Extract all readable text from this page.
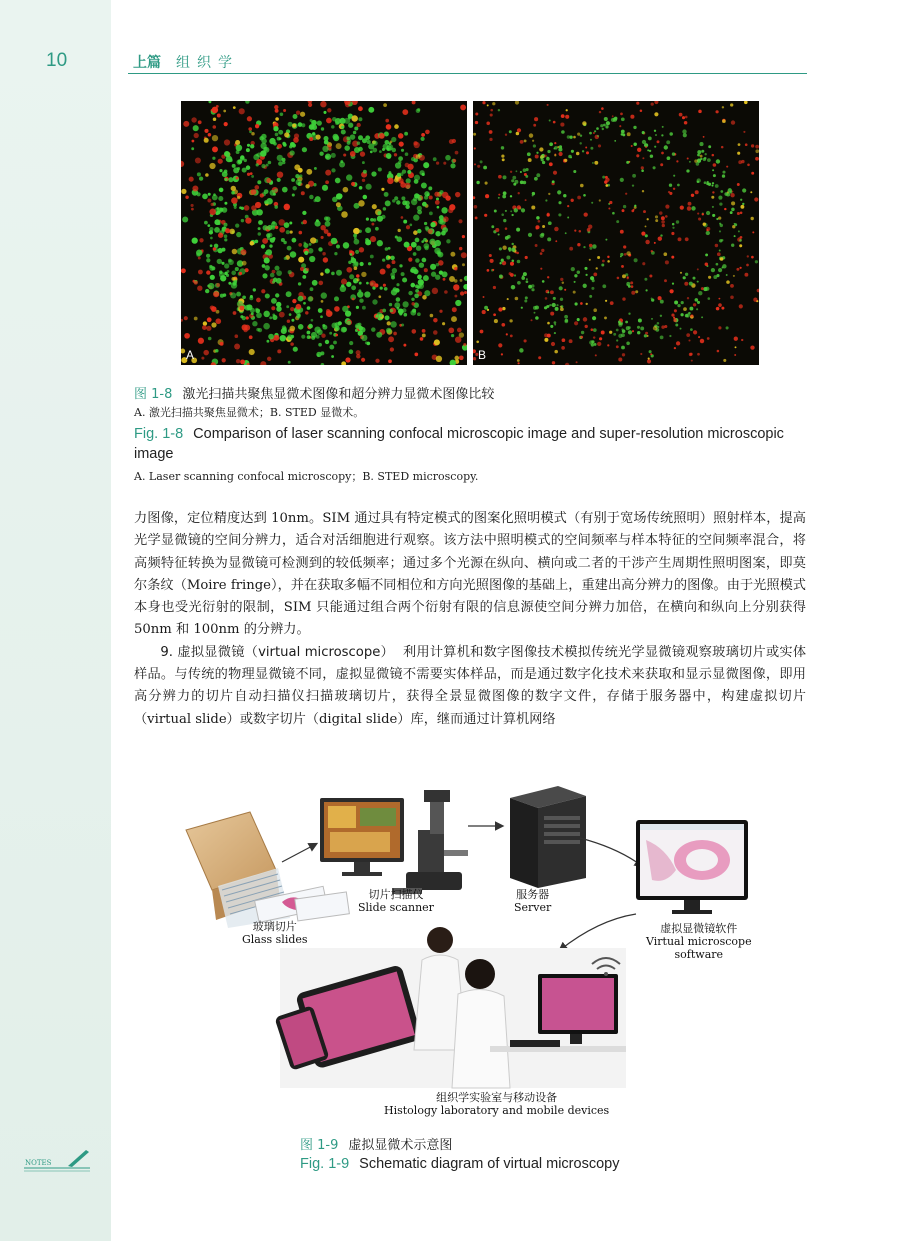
10	上篇 组织学
A	B
图 1-8 激光扫描共聚焦显微术图像和超分辨力显微术图像比较
A. 激光扫描共聚焦显微术；B. STED 显微术。
Fig. 1-8 Comparison of laser scanning confocal microscopic image and super-resolution microscopic image
A. Laser scanning confocal microscopy；B. STED microscopy.

力图像，定位精度达到 10nm。SIM 通过具有特定模式的图案化照明模式（有别于宽场传统照明）照射样本，提高光学显微镜的空间分辨力，适合对活细胞进行观察。该方法中照明模式的空间频率与样本特征的空间频率混合，将高频特征转换为显微镜可检测到的较低频率；通过多个光源在纵向、横向或二者的干涉产生周期性照明图案，即莫尔条纹（Moire fringe），并在获取多幅不同相位和方向光照图像的基础上，重建出高分辨力的图像。由于光照模式本身也受光衍射的限制，SIM 只能通过组合两个衍射有限的信息源使空间分辨力加倍，在横向和纵向上分别获得 50nm 和 100nm 的分辨力。

9. 虚拟显微镜（virtual microscope） 利用计算机和数字图像技术模拟传统光学显微镜观察玻璃切片或实体样品。与传统的物理显微镜不同，虚拟显微镜不需要实体样品，而是通过数字化技术来获取和显示显微图像，即用高分辨力的切片自动扫描仪扫描玻璃切片，获得全景显微图像的数字文件，存储于服务器中，构建虚拟切片（virtual slide）或数字切片（digital slide）库，继而通过计算机网络

切片扫描仪
Slide scanner
服务器
Server
玻璃切片
Glass slides
虚拟显微镜软件
Virtual microscope
software
组织学实验室与移动设备
Histology laboratory and mobile devices
图 1-9 虚拟显微术示意图
Fig. 1-9 Schematic diagram of virtual microscopy
NOTES
